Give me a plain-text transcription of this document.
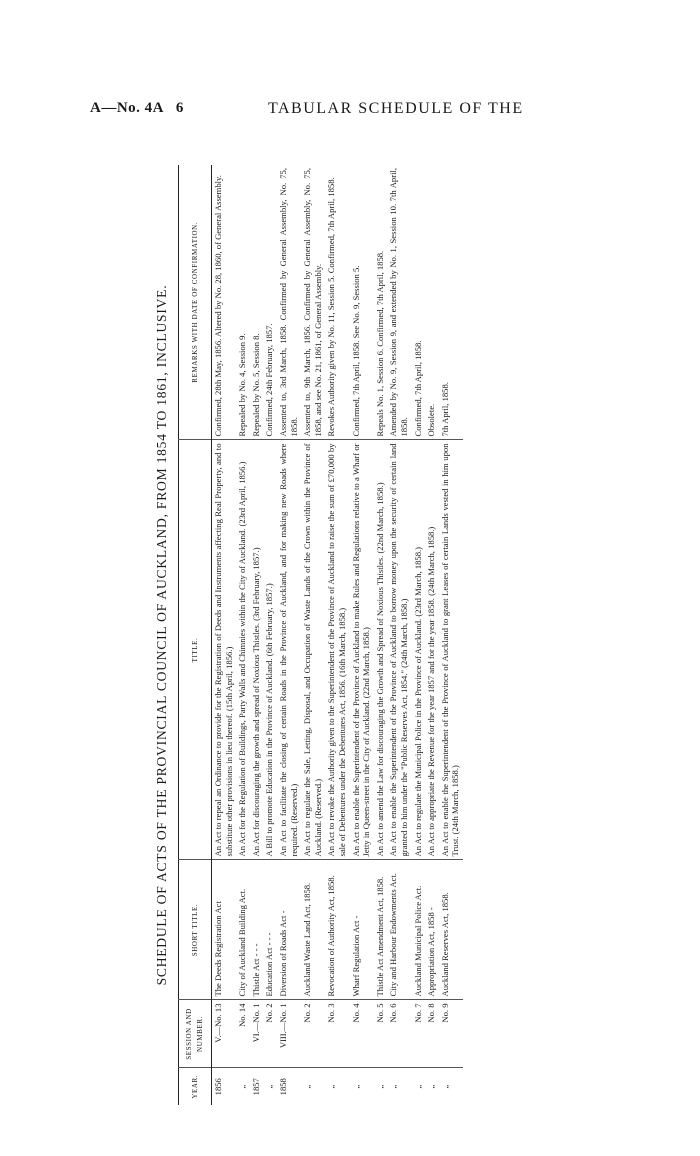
A—No. 4A 6	TABULAR SCHEDULE OF THE
SCHEDULE OF ACTS OF THE PROVINCIAL COUNCIL OF AUCKLAND, FROM 1854 TO 1861, INCLUSIVE.
YEAR.	SESSION AND NUMBER.	SHORT TITLE.	TITLE.	REMARKS WITH DATE OF CONFIRMATION.
1856	V.—No. 13	The Deeds Registration Act	An Act to repeal an Ordinance to provide for the Registration of Deeds and Instruments affecting Real Property, and to substitute other provisions in lieu thereof. (15th April, 1856.)	Confirmed, 28th May, 1856. Altered by No. 28, 1860, of General Assembly.
„	No. 14	City of Auckland Building Act.	An Act for the Regulation of Buildings, Party Walls and Chimnies within the City of Auckland. (23rd April, 1856.)	Repealed by No. 4, Session 9.
1857	VI.—No. 1	Thistle Act - - -	An Act for discouraging the growth and spread of Noxious Thistles. (3rd February, 1857.)	Repealed by No. 5, Session 8.
„	No. 2	Education Act - - -	A Bill to promote Education in the Province of Auckland. (6th February, 1857.)	Confirmed, 24th February, 1857.
1858	VIII.—No. 1	Diversion of Roads Act -	An Act to facilitate the closing of certain Roads in the Province of Auckland, and for making new Roads where required. (Reserved.)	Assented to, 3rd March, 1858. Confirmed by General Assembly, No. 75, 1858.
„	No. 2	Auckland Waste Land Act, 1858.	An Act to regulate the Sale, Letting, Disposal, and Occupation of Waste Lands of the Crown within the Province of Auckland. (Reserved.)	Assented to, 9th March, 1856. Confirmed by General Assembly, No. 75, 1858, and see No. 21, 1861, of General Assembly.
„	No. 3	Revocation of Authority Act, 1858.	An Act to revoke the Authority given to the Superintendent of the Province of Auckland to raise the sum of £70,000 by sale of Debentures under the Debentures Act, 1856. (16th March, 1858.)	Revokes Authority given by No. 11, Session 5. Confirmed, 7th April, 1858.
„	No. 4	Wharf Regulation Act -	An Act to enable the Superintendent of the Province of Auckland to make Rules and Regulations relative to a Wharf or Jetty in Queen-street in the City of Auckland. (22nd March, 1858.)	Confirmed, 7th April, 1858. See No. 9, Session 5.
„	No. 5	Thistle Act Amendment Act, 1858.	An Act to amend the Law for discouraging the Growth and Spread of Noxious Thistles. (22nd March, 1858.)	Repeals No. 1, Session 6. Confirmed, 7th April, 1858.
„	No. 6	City and Harbour Endowments Act.	An Act to enable the Superintendent of the Province of Auckland to borrow money upon the security of certain land granted to him under the "Public Reserves Act, 1854." (24th March, 1858.)	Amended by No. 9, Session 9, and extended by No. 1, Session 10. 7th April, 1858.
„	No. 7	Auckland Municipal Police Act.	An Act to regulate the Municipal Police in the Province of Auckland. (23rd March, 1858.)	Confirmed, 7th April, 1858.
„	No. 8	Appropriation Act, 1858 -	An Act to appropriate the Revenue for the year 1857 and for the year 1858. (24th March, 1858.)	Obsolete.
„	No. 9	Auckland Reserves Act, 1858.	An Act to enable the Superintendent of the Province of Auckland to grant Leases of certain Lands vested in him upon Trust. (24th March, 1858.)	7th April, 1858.
